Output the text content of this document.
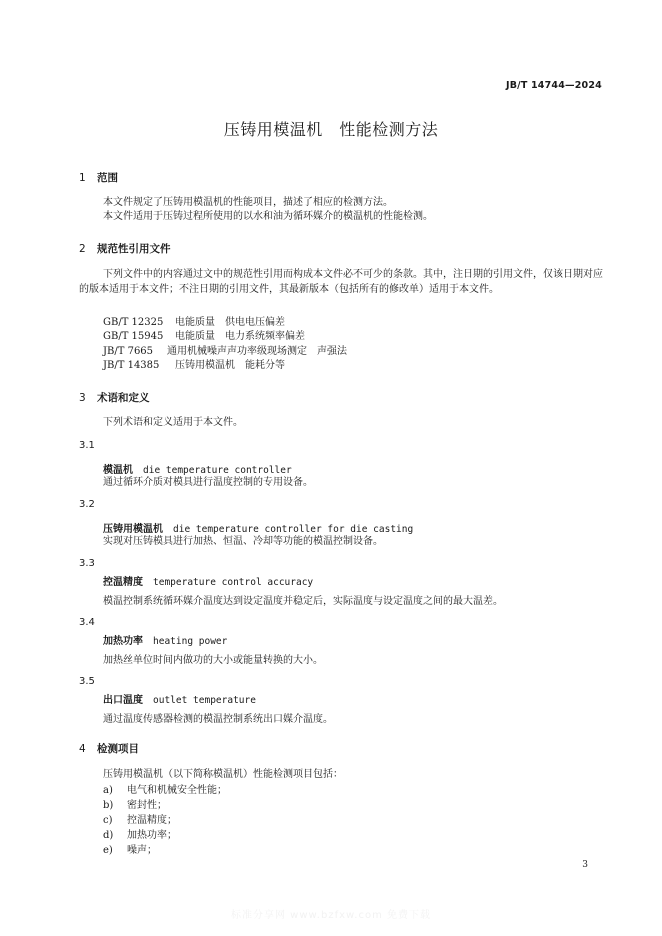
JB/T 14744—2024
压铸用模温机　性能检测方法
1 范围
本文件规定了压铸用模温机的性能项目，描述了相应的检测方法。
本文件适用于压铸过程所使用的以水和油为循环媒介的模温机的性能检测。
2 规范性引用文件
下列文件中的内容通过文中的规范性引用而构成本文件必不可少的条款。其中，注日期的引用文件，仅该日期对应的版本适用于本文件；不注日期的引用文件，其最新版本（包括所有的修改单）适用于本文件。
GB/T 12325 电能质量　供电电压偏差
GB/T 15945 电能质量　电力系统频率偏差
JB/T 7665 通用机械噪声声功率级现场测定　声强法
JB/T 14385 压铸用模温机　能耗分等
3 术语和定义
下列术语和定义适用于本文件。
3.1
模温机 die temperature controller
通过循环介质对模具进行温度控制的专用设备。
3.2
压铸用模温机 die temperature controller for die casting
实现对压铸模具进行加热、恒温、冷却等功能的模温控制设备。
3.3
控温精度 temperature control accuracy
模温控制系统循环媒介温度达到设定温度并稳定后，实际温度与设定温度之间的最大温差。
3.4
加热功率 heating power
加热丝单位时间内做功的大小或能量转换的大小。
3.5
出口温度 outlet temperature
通过温度传感器检测的模温控制系统出口媒介温度。
4 检测项目
压铸用模温机（以下简称模温机）性能检测项目包括：
a) 电气和机械安全性能；
b) 密封性；
c) 控温精度；
d) 加热功率；
e) 噪声；
3
标准分享网 www.bzfxw.com 免费下载
